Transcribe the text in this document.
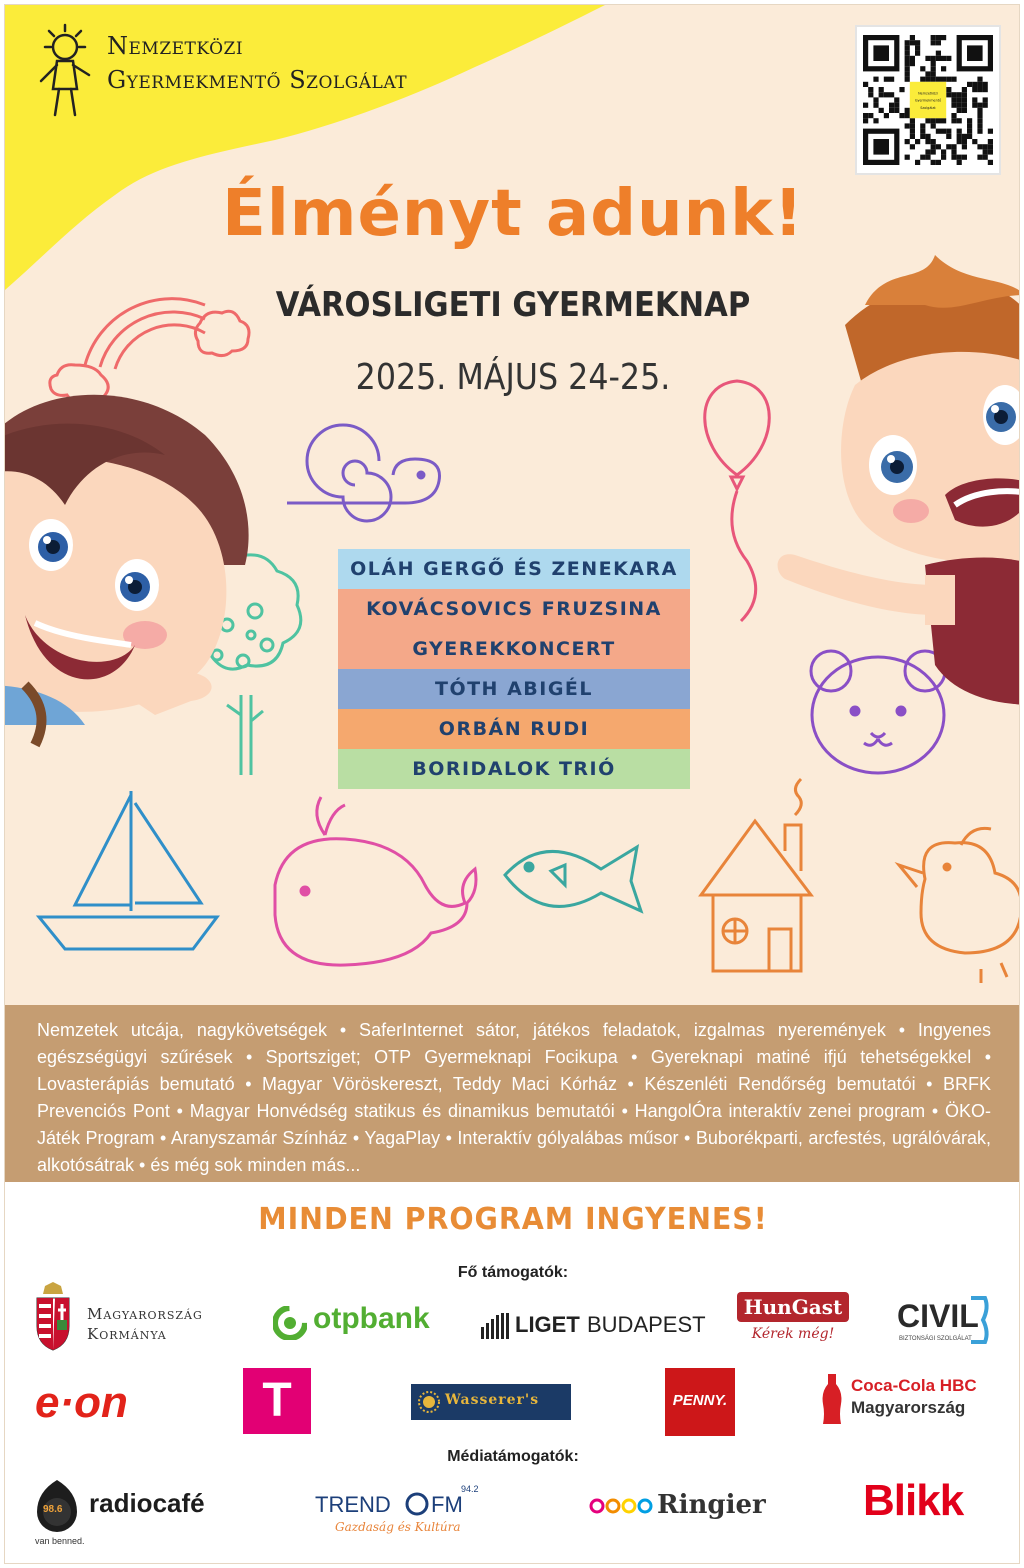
Nemzetközi
Gyermekmentő Szolgálat	Nemzetközi
Gyermekmentő
Szolgálat
Élményt adunk!
VÁROSLIGETI GYERMEKNAP
2025. MÁJUS 24-25.
OLÁH GERGŐ ÉS ZENEKARA
KOVÁCSOVICS FRUZSINA
GYEREKKONCERT
TÓTH ABIGÉL
ORBÁN RUDI
BORIDALOK TRIÓ
Nemzetek utcája, nagykövetségek • SaferInternet sátor, játékos feladatok, izgalmas nyeremények • Ingyenes egészségügyi szűrések • Sportsziget; OTP Gyermeknapi Focikupa • Gyereknapi matiné ifjú tehetségekkel • Lovasterápiás bemutató • Magyar Vöröskereszt, Teddy Maci Kórház • Készenléti Rendőrség bemutatói • BRFK Prevenciós Pont • Magyar Honvédség statikus és dinamikus bemutatói • HangolÓra interaktív zenei program • ÖKO-Játék Program • Aranyszamár Színház • YagaPlay • Interaktív gólyalábas műsor • Buborékparti, arcfestés, ugrálóvárak, alkotósátrak • és még sok minden más...
MINDEN PROGRAM INGYENES!
Fő támogatók:
Magyarország
Kormánya	otpbank	LIGET BUDAPEST
HunGast
Kérek még!	CIVIL
BIZTONSÁGI SZOLGÁLAT
e·on	T	Wasserer's	PENNY.
Coca-Cola HBC
Magyarország
Médiatámogatók:
98.6 radiocafé
van benned.
TREND FM
94.2
Gazdaság és Kultúra
Ringier Blikk
